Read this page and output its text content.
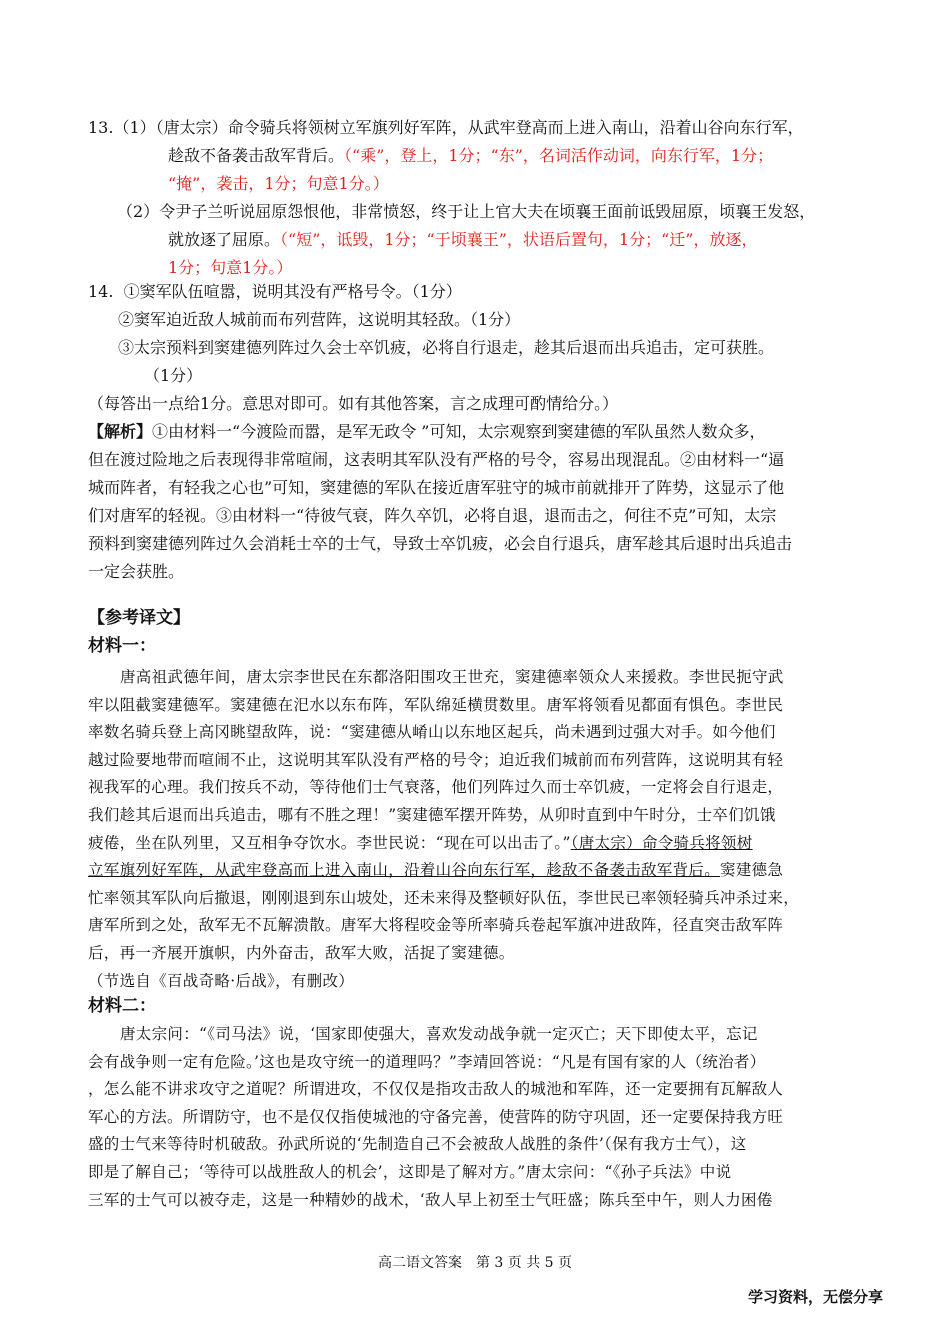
13.（1）（唐太宗）命令骑兵将领树立军旗列好军阵，从武牢登高而上进入南山，沿着山谷向东行军，
趁敌不备袭击敌军背后。（“乘”，登上，1分；“东”，名词活作动词，向东行军，1分；
“掩”，袭击，1分；句意1分。）
（2）令尹子兰听说屈原怨恨他，非常愤怒，终于让上官大夫在顷襄王面前诋毁屈原，顷襄王发怒，
就放逐了屈原。（“短”，诋毁，1分；“于顷襄王”，状语后置句，1分；“迁”，放逐，
1分；句意1分。）
14. ①窦军队伍喧嚣，说明其没有严格号令。（1分）
②窦军迫近敌人城前而布列营阵，这说明其轻敌。（1分）
③太宗预料到窦建德列阵过久会士卒饥疲，必将自行退走，趁其后退而出兵追击，定可获胜。
（1分）
（每答出一点给1分。意思对即可。如有其他答案，言之成理可酌情给分。）
【解析】①由材料一“今渡险而嚣，是军无政令 ”可知，太宗观察到窦建德的军队虽然人数众多，
但在渡过险地之后表现得非常喧闹，这表明其军队没有严格的号令，容易出现混乱。②由材料一“逼
城而阵者，有轻我之心也”可知，窦建德的军队在接近唐军驻守的城市前就排开了阵势，这显示了他
们对唐军的轻视。③由材料一“待彼气衰，阵久卒饥，必将自退，退而击之，何往不克”可知，太宗
预料到窦建德列阵过久会消耗士卒的士气，导致士卒饥疲，必会自行退兵，唐军趁其后退时出兵追击
一定会获胜。
【参考译文】
材料一：
唐高祖武德年间，唐太宗李世民在东都洛阳围攻王世充，窦建德率领众人来援救。李世民扼守武
牢以阻截窦建德军。窦建德在汜水以东布阵，军队绵延横贯数里。唐军将领看见都面有惧色。李世民
率数名骑兵登上高冈眺望敌阵，说：“窦建德从崤山以东地区起兵，尚未遇到过强大对手。如今他们
越过险要地带而喧闹不止，这说明其军队没有严格的号令；迫近我们城前而布列营阵，这说明其有轻
视我军的心理。我们按兵不动，等待他们士气衰落，他们列阵过久而士卒饥疲，一定将会自行退走，
我们趁其后退而出兵追击，哪有不胜之理！”窦建德军摆开阵势，从卯时直到中午时分，士卒们饥饿
疲倦，坐在队列里，又互相争夺饮水。李世民说：“现在可以出击了。”（唐太宗）命令骑兵将领树
立军旗列好军阵，从武牢登高而上进入南山，沿着山谷向东行军，趁敌不备袭击敌军背后。窦建德急
忙率领其军队向后撤退，刚刚退到东山坡处，还未来得及整顿好队伍，李世民已率领轻骑兵冲杀过来，
唐军所到之处，敌军无不瓦解溃散。唐军大将程咬金等所率骑兵卷起军旗冲进敌阵，径直突击敌军阵
后，再一齐展开旗帜，内外奋击，敌军大败，活捉了窦建德。
（节选自《百战奇略·后战》，有删改）
材料二：
唐太宗问：“《司马法》说，‘国家即使强大，喜欢发动战争就一定灭亡；天下即使太平，忘记
会有战争则一定有危险。’这也是攻守统一的道理吗？”李靖回答说：“凡是有国有家的人（统治者）
，怎么能不讲求攻守之道呢？所谓进攻，不仅仅是指攻击敌人的城池和军阵，还一定要拥有瓦解敌人
军心的方法。所谓防守，也不是仅仅指使城池的守备完善，使营阵的防守巩固，还一定要保持我方旺
盛的士气来等待时机破敌。孙武所说的‘先制造自己不会被敌人战胜的条件’（保有我方士气），这
即是了解自己；‘等待可以战胜敌人的机会’，这即是了解对方。”唐太宗问：“《孙子兵法》中说
三军的士气可以被夺走，这是一种精妙的战术，‘敌人早上初至士气旺盛；陈兵至中午，则人力困倦
高二语文答案　第 3 页 共 5 页
学习资料，无偿分享
